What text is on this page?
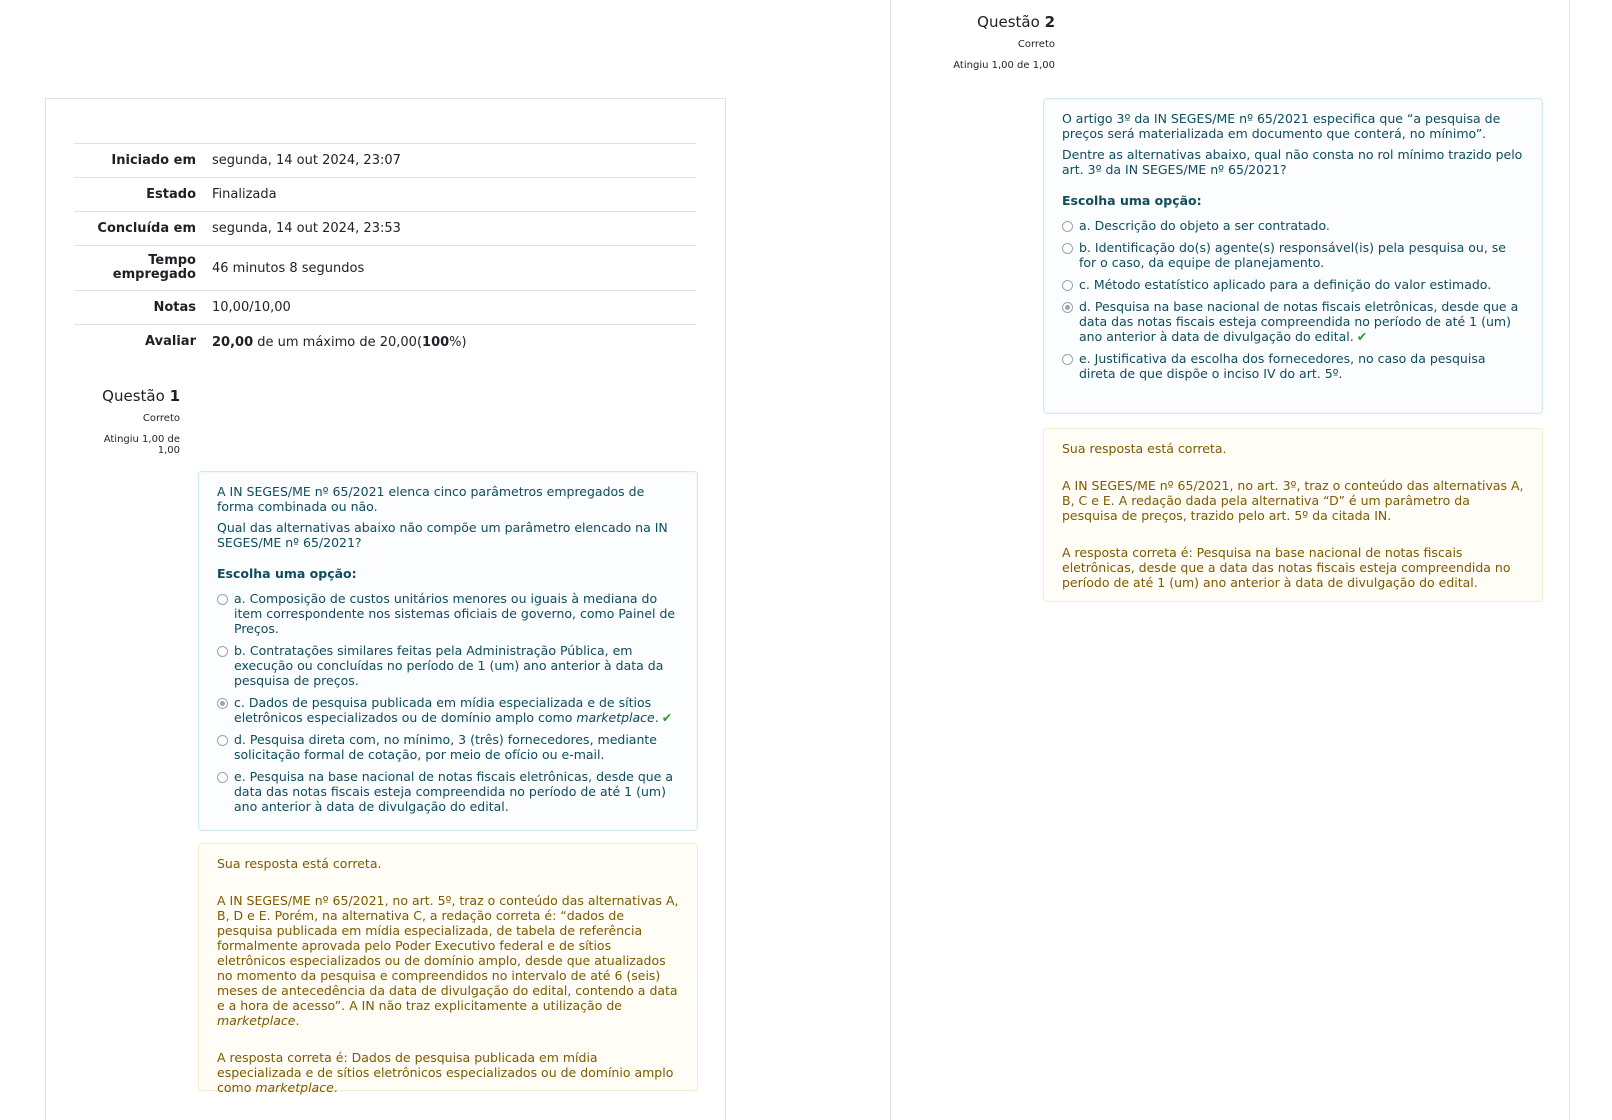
Iniciado em	segunda, 14 out 2024, 23:07
Estado	Finalizada
Concluída em	segunda, 14 out 2024, 23:53
Tempo empregado	46 minutos 8 segundos
Notas	10,00/10,00
Avaliar	20,00 de um máximo de 20,00(100%)
Questão 1
Correto
Atingiu 1,00 de 1,00

A IN SEGES/ME nº 65/2021 elenca cinco parâmetros empregados de forma combinada ou não.

Qual das alternativas abaixo não compõe um parâmetro elencado na IN SEGES/ME nº 65/2021?

Escolha uma opção:
a. Composição de custos unitários menores ou iguais à mediana do item correspondente nos sistemas oficiais de governo, como Painel de Preços.
b. Contratações similares feitas pela Administração Pública, em execução ou concluídas no período de 1 (um) ano anterior à data da pesquisa de preços.
c. Dados de pesquisa publicada em mídia especializada e de sítios eletrônicos especializados ou de domínio amplo como marketplace. ✔
d. Pesquisa direta com, no mínimo, 3 (três) fornecedores, mediante solicitação formal de cotação, por meio de ofício ou e-mail.
e. Pesquisa na base nacional de notas fiscais eletrônicas, desde que a data das notas fiscais esteja compreendida no período de até 1 (um) ano anterior à data de divulgação do edital.

Sua resposta está correta.

A IN SEGES/ME nº 65/2021, no art. 5º, traz o conteúdo das alternativas A, B, D e E. Porém, na alternativa C, a redação correta é: “dados de pesquisa publicada em mídia especializada, de tabela de referência formalmente aprovada pelo Poder Executivo federal e de sítios eletrônicos especializados ou de domínio amplo, desde que atualizados no momento da pesquisa e compreendidos no intervalo de até 6 (seis) meses de antecedência da data de divulgação do edital, contendo a data e a hora de acesso”. A IN não traz explicitamente a utilização de marketplace.

A resposta correta é: Dados de pesquisa publicada em mídia especializada e de sítios eletrônicos especializados ou de domínio amplo como marketplace.

Questão 2
Correto
Atingiu 1,00 de 1,00

O artigo 3º da IN SEGES/ME nº 65/2021 especifica que “a pesquisa de preços será materializada em documento que conterá, no mínimo”.

Dentre as alternativas abaixo, qual não consta no rol mínimo trazido pelo art. 3º da IN SEGES/ME nº 65/2021?

Escolha uma opção:
a. Descrição do objeto a ser contratado.
b. Identificação do(s) agente(s) responsável(is) pela pesquisa ou, se for o caso, da equipe de planejamento.
c. Método estatístico aplicado para a definição do valor estimado.
d. Pesquisa na base nacional de notas fiscais eletrônicas, desde que a data das notas fiscais esteja compreendida no período de até 1 (um) ano anterior à data de divulgação do edital. ✔
e. Justificativa da escolha dos fornecedores, no caso da pesquisa direta de que dispõe o inciso IV do art. 5º.

Sua resposta está correta.

A IN SEGES/ME nº 65/2021, no art. 3º, traz o conteúdo das alternativas A, B, C e E. A redação dada pela alternativa “D” é um parâmetro da pesquisa de preços, trazido pelo art. 5º da citada IN.

A resposta correta é: Pesquisa na base nacional de notas fiscais eletrônicas, desde que a data das notas fiscais esteja compreendida no período de até 1 (um) ano anterior à data de divulgação do edital.
